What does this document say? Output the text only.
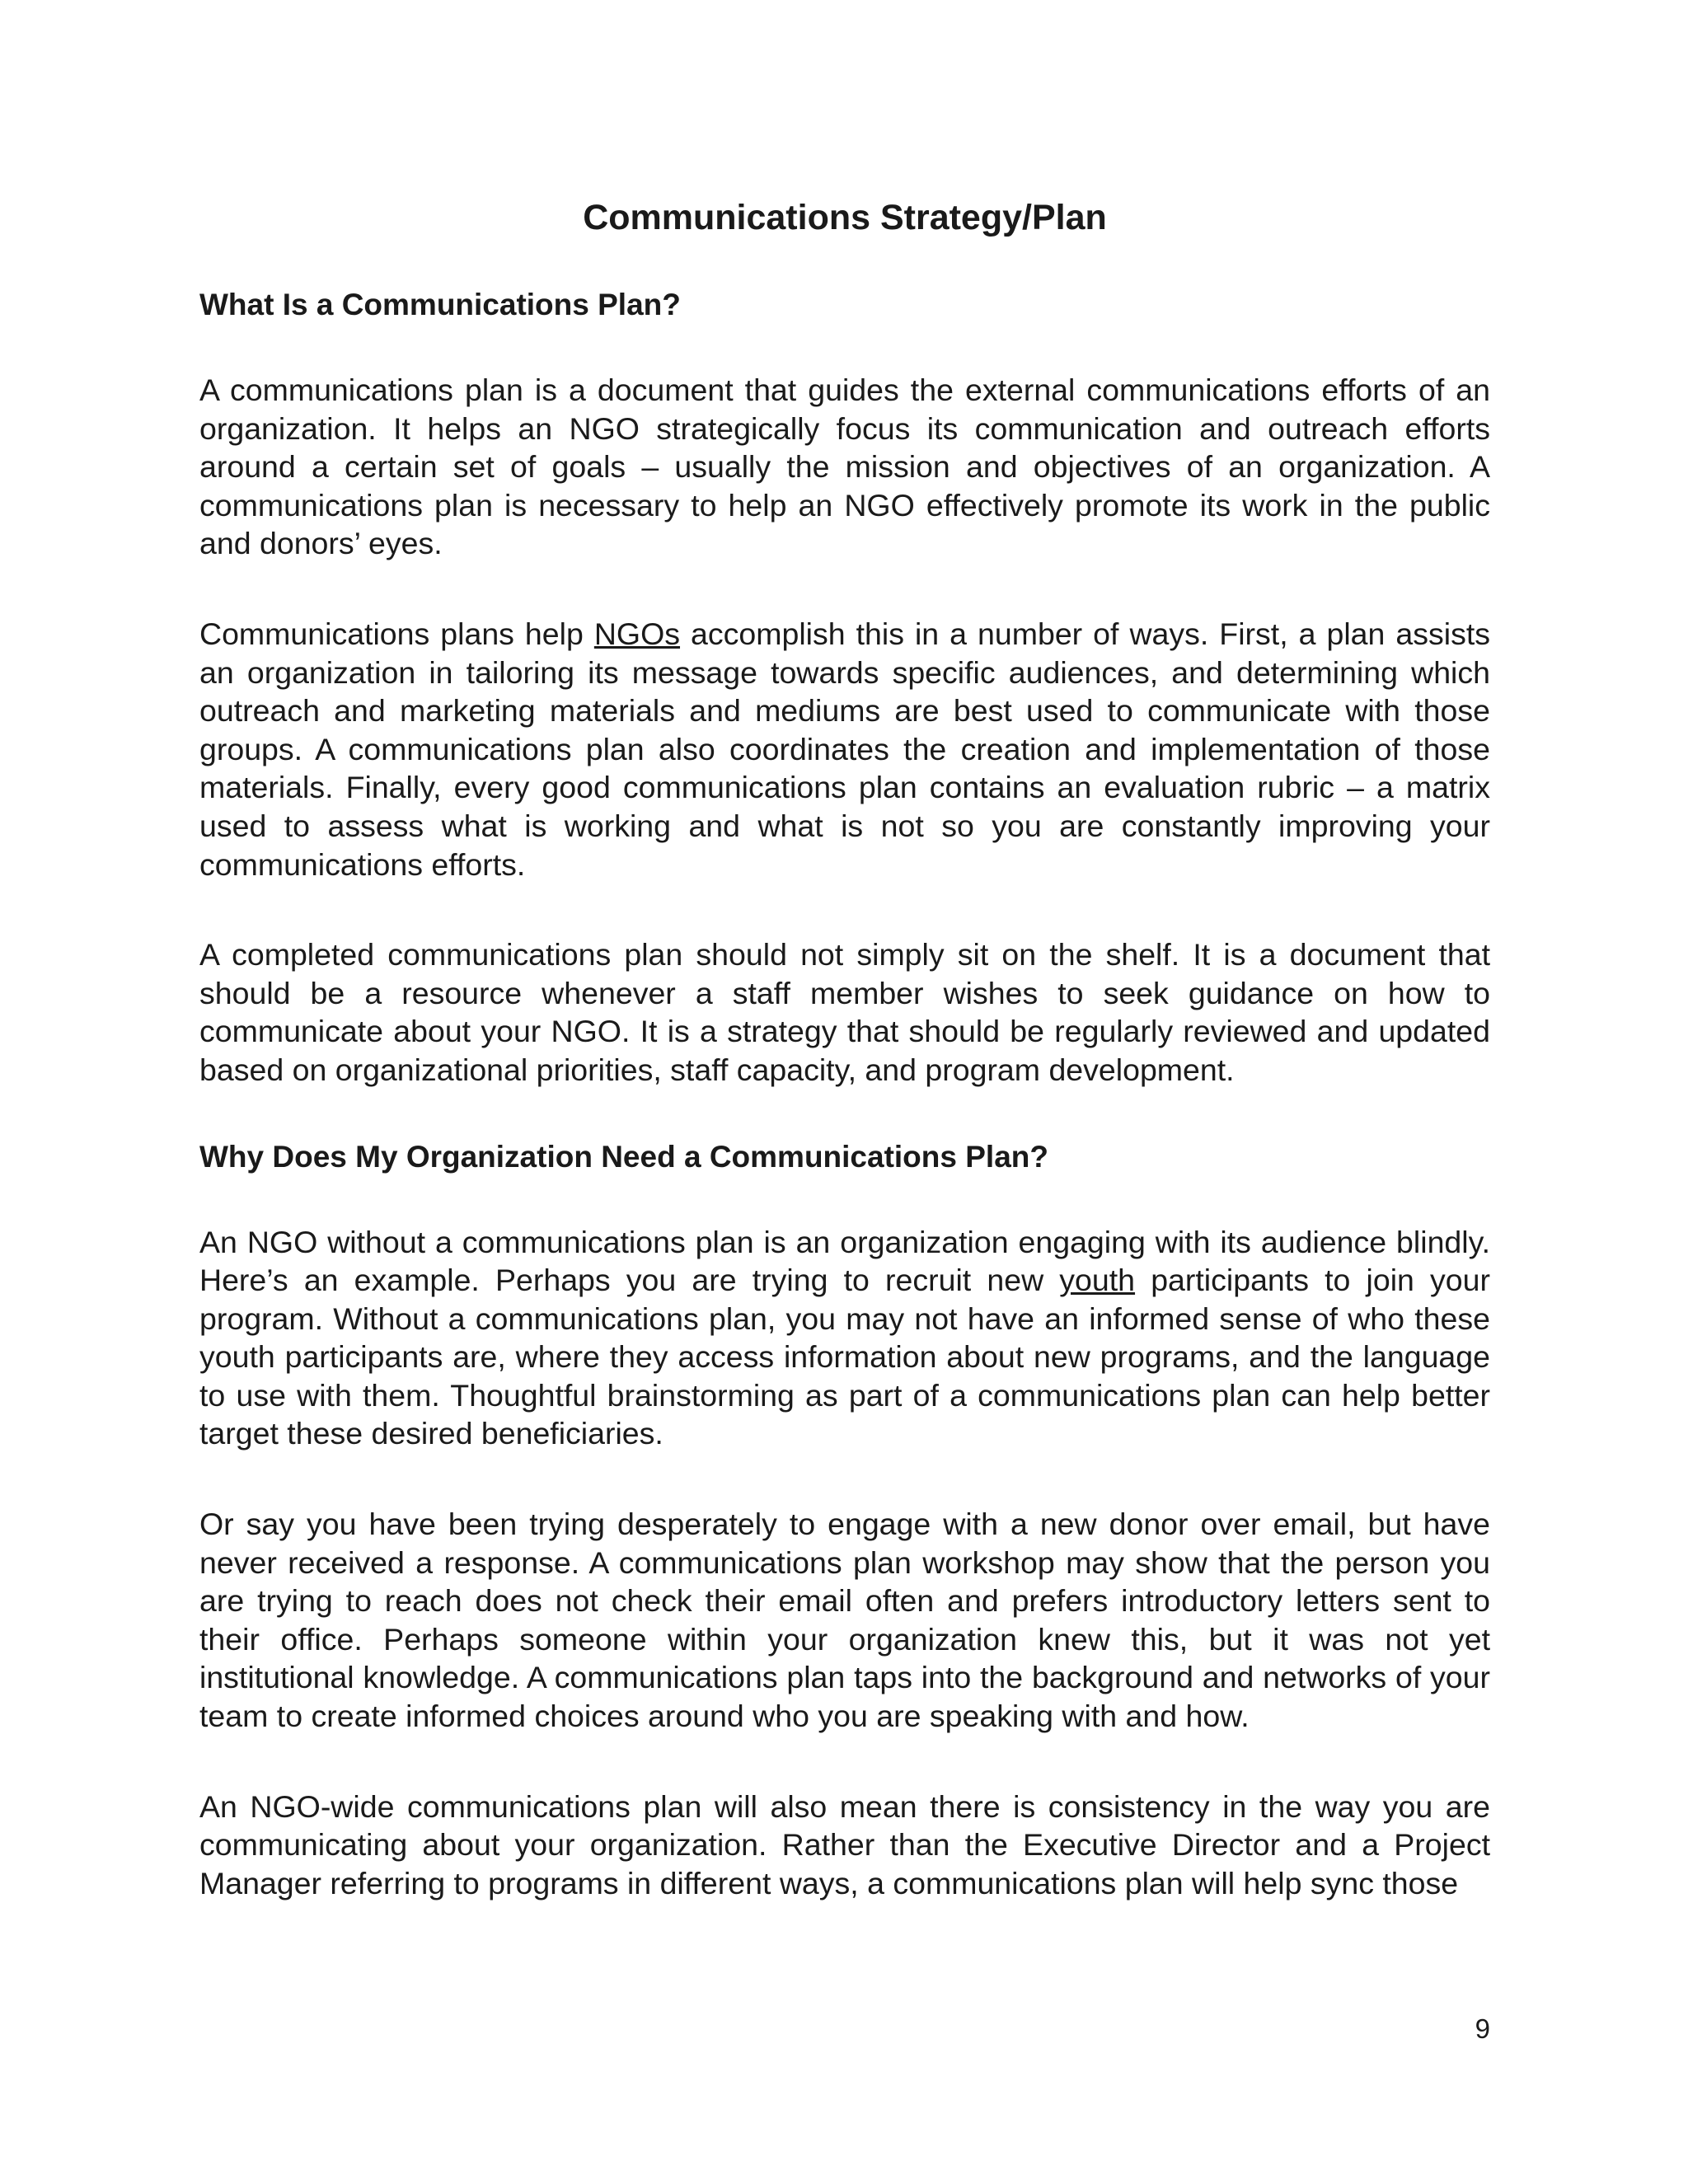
Communications Strategy/Plan
What Is a Communications Plan?

A communications plan is a document that guides the external communications efforts of an organization. It helps an NGO strategically focus its communication and outreach efforts around a certain set of goals – usually the mission and objectives of an organization. A communications plan is necessary to help an NGO effectively promote its work in the public and donors’ eyes.

Communications plans help NGOs accomplish this in a number of ways. First, a plan assists an organization in tailoring its message towards specific audiences, and determining which outreach and marketing materials and mediums are best used to communicate with those groups. A communications plan also coordinates the creation and implementation of those materials. Finally, every good communications plan contains an evaluation rubric – a matrix used to assess what is working and what is not so you are constantly improving your communications efforts.

A completed communications plan should not simply sit on the shelf. It is a document that should be a resource whenever a staff member wishes to seek guidance on how to communicate about your NGO. It is a strategy that should be regularly reviewed and updated based on organizational priorities, staff capacity, and program development.

Why Does My Organization Need a Communications Plan?

An NGO without a communications plan is an organization engaging with its audience blindly. Here’s an example. Perhaps you are trying to recruit new youth participants to join your program. Without a communications plan, you may not have an informed sense of who these youth participants are, where they access information about new programs, and the language to use with them. Thoughtful brainstorming as part of a communications plan can help better target these desired beneficiaries.

Or say you have been trying desperately to engage with a new donor over email, but have never received a response. A communications plan workshop may show that the person you are trying to reach does not check their email often and prefers introductory letters sent to their office. Perhaps someone within your organization knew this, but it was not yet institutional knowledge. A communications plan taps into the background and networks of your team to create informed choices around who you are speaking with and how.

An NGO-wide communications plan will also mean there is consistency in the way you are communicating about your organization. Rather than the Executive Director and a Project Manager referring to programs in different ways, a communications plan will help sync those

9
